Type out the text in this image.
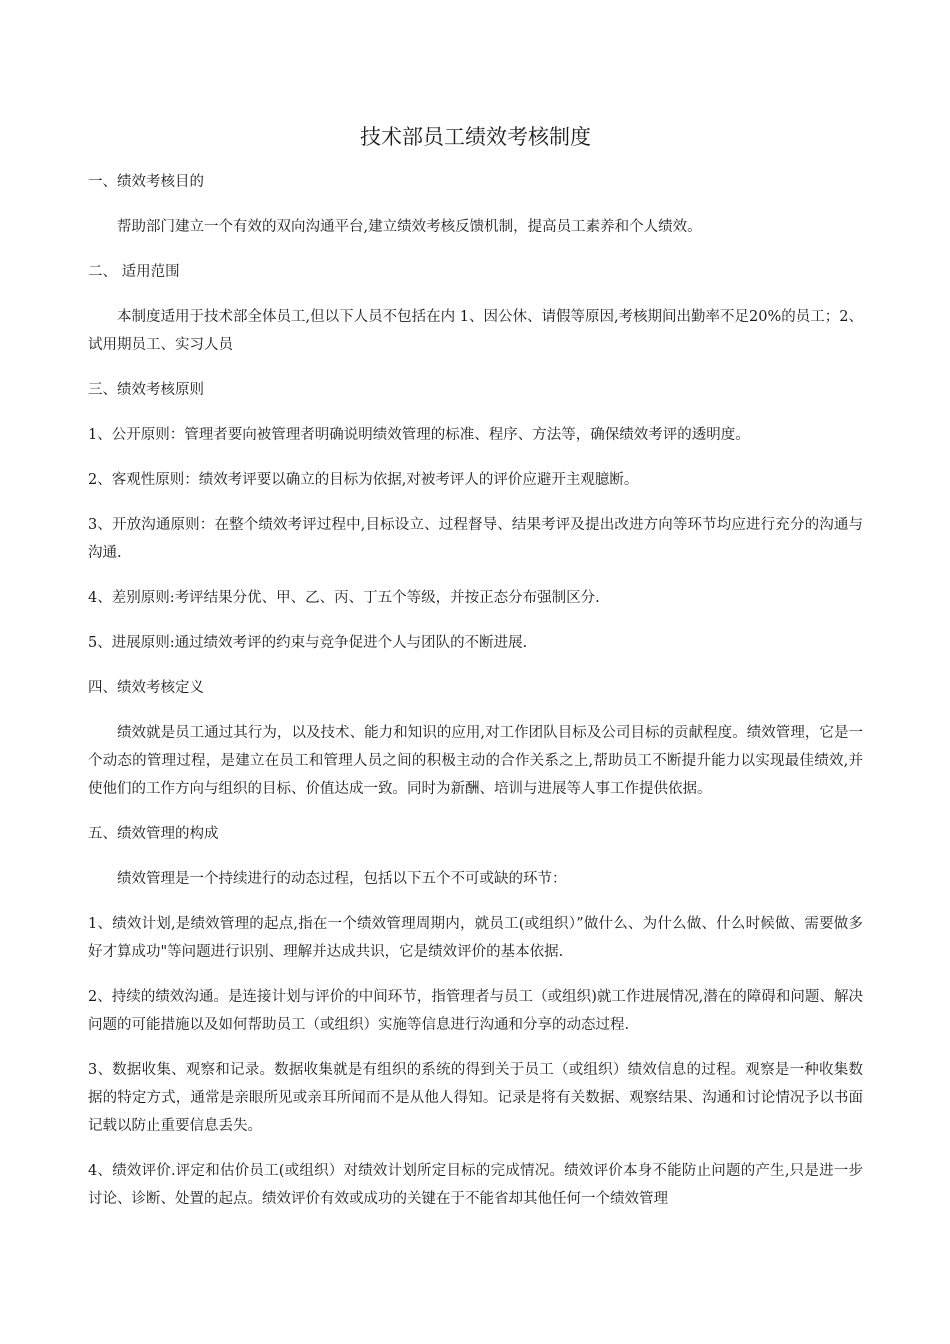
技术部员工绩效考核制度
一、绩效考核目的

帮助部门建立一个有效的双向沟通平台,建立绩效考核反馈机制，提高员工素养和个人绩效。

二、 适用范围

本制度适用于技术部全体员工,但以下人员不包括在内 1、因公休、请假等原因,考核期间出勤率不足20%的员工；2、试用期员工、实习人员

三、绩效考核原则

1、公开原则：管理者要向被管理者明确说明绩效管理的标准、程序、方法等，确保绩效考评的透明度。

2、客观性原则：绩效考评要以确立的目标为依据,对被考评人的评价应避开主观臆断。

3、开放沟通原则：在整个绩效考评过程中,目标设立、过程督导、结果考评及提出改进方向等环节均应进行充分的沟通与沟通.

4、差别原则:考评结果分优、甲、乙、丙、丁五个等级，并按正态分布强制区分.

5、进展原则:通过绩效考评的约束与竞争促进个人与团队的不断进展.

四、绩效考核定义

绩效就是员工通过其行为，以及技术、能力和知识的应用,对工作团队目标及公司目标的贡献程度。绩效管理，它是一个动态的管理过程，是建立在员工和管理人员之间的积极主动的合作关系之上,帮助员工不断提升能力以实现最佳绩效,并使他们的工作方向与组织的目标、价值达成一致。同时为新酬、培训与进展等人事工作提供依据。

五、绩效管理的构成

绩效管理是一个持续进行的动态过程，包括以下五个不可或缺的环节：

1、绩效计划,是绩效管理的起点,指在一个绩效管理周期内，就员工(或组织）”做什么、为什么做、什么时候做、需要做多好才算成功"等问题进行识别、理解并达成共识，它是绩效评价的基本依据.

2、持续的绩效沟通。是连接计划与评价的中间环节，指管理者与员工（或组织)就工作进展情况,潜在的障碍和问题、解决问题的可能措施以及如何帮助员工（或组织）实施等信息进行沟通和分享的动态过程.

3、数据收集、观察和记录。数据收集就是有组织的系统的得到关于员工（或组织）绩效信息的过程。观察是一种收集数据的特定方式，通常是亲眼所见或亲耳所闻而不是从他人得知。记录是将有关数据、观察结果、沟通和讨论情况予以书面记载以防止重要信息丢失。

4、绩效评价.评定和估价员工(或组织）对绩效计划所定目标的完成情况。绩效评价本身不能防止问题的产生,只是进一步讨论、诊断、处置的起点。绩效评价有效或成功的关键在于不能省却其他任何一个绩效管理
